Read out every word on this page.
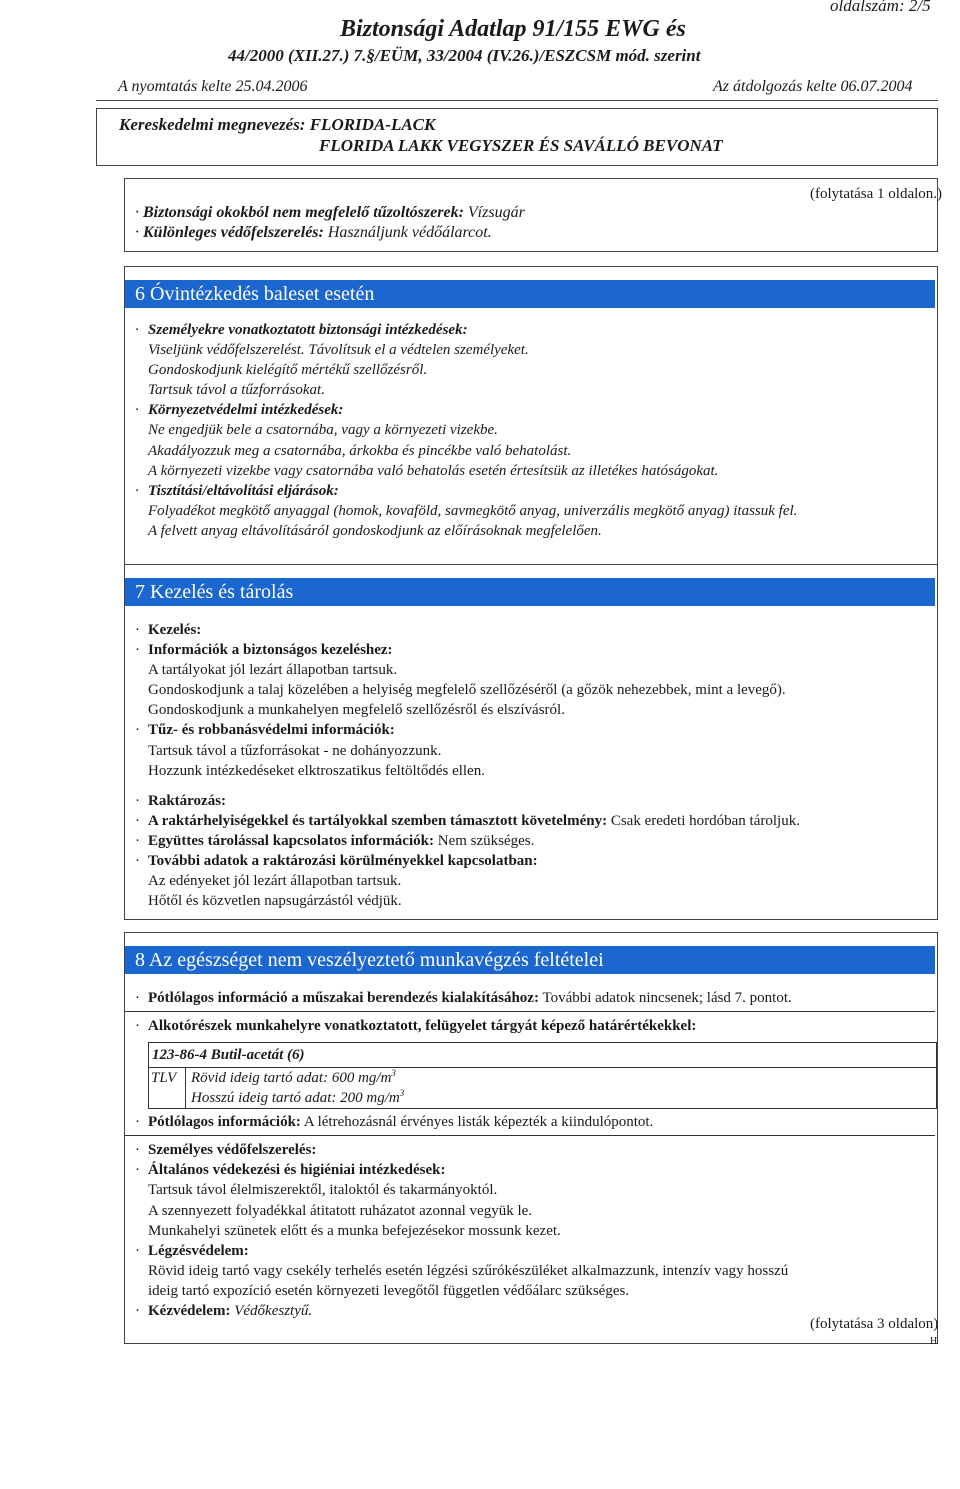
oldalszám: 2/5
Biztonsági Adatlap 91/155 EWG és
44/2000 (XII.27.) 7.§/EÜM, 33/2004 (IV.26.)/ESZCSM mód. szerint
A nyomtatás kelte 25.04.2006	Az átdolgozás kelte 06.07.2004
Kereskedelmi megnevezés: FLORIDA-LACK
FLORIDA LAKK VEGYSZER ÉS SAVÁLLÓ BEVONAT
(folytatása 1 oldalon.)
· Biztonsági okokból nem megfelelő tűzoltószerek: Vízsugár
· Különleges védőfelszerelés: Használjunk védőálarcot.
6 Óvintézkedés baleset esetén
· Személyekre vonatkoztatott biztonsági intézkedések:
Viseljünk védőfelszerelést. Távolítsuk el a védtelen személyeket.
Gondoskodjunk kielégítő mértékű szellőzésről.
Tartsuk távol a tűzforrásokat.
· Környezetvédelmi intézkedések:
Ne engedjük bele a csatornába, vagy a környezeti vizekbe.
Akadályozzuk meg a csatornába, árkokba és pincékbe való behatolást.
A környezeti vizekbe vagy csatornába való behatolás esetén értesítsük az illetékes hatóságokat.
· Tisztítási/eltávolítási eljárások:
Folyadékot megkötő anyaggal (homok, kovaföld, savmegkötő anyag, univerzális megkötő anyag) itassuk fel.
A felvett anyag eltávolításáról gondoskodjunk az előírásoknak megfelelően.
7 Kezelés és tárolás
· Kezelés:
· Információk a biztonságos kezeléshez:
A tartályokat jól lezárt állapotban tartsuk.
Gondoskodjunk a talaj közelében a helyiség megfelelő szellőzéséről (a gőzök nehezebbek, mint a levegő).
Gondoskodjunk a munkahelyen megfelelő szellőzésről és elszívásról.
· Tűz- és robbanásvédelmi információk:
Tartsuk távol a tűzforrásokat - ne dohányozzunk.
Hozzunk intézkedéseket elktroszatikus feltöltődés ellen.
· Raktározás:
· A raktárhelyiségekkel és tartályokkal szemben támasztott követelmény: Csak eredeti hordóban tároljuk.
· Együttes tárolással kapcsolatos információk: Nem szükséges.
· További adatok a raktározási körülményekkel kapcsolatban:
Az edényeket jól lezárt állapotban tartsuk.
Hőtől és közvetlen napsugárzástól védjük.
8 Az egészséget nem veszélyeztető munkavégzés feltételei
· Pótlólagos információ a műszakai berendezés kialakításához: További adatok nincsenek; lásd 7. pontot.
· Alkotórészek munkahelyre vonatkoztatott, felügyelet tárgyát képező határértékekkel:
123-86-4 Butil-acetát (6)
TLV Rövid ideig tartó adat: 600 $mg/m^3$
Hosszú ideig tartó adat: 200 $mg/m^3$
· Pótlólagos információk: A létrehozásnál érvényes listák képezték a kiindulópontot.
· Személyes védőfelszerelés:
· Általános védekezési és higiéniai intézkedések:
Tartsuk távol élelmiszerektől, italoktól és takarmányoktól.
A szennyezett folyadékkal átitatott ruházatot azonnal vegyük le.
Munkahelyi szünetek előtt és a munka befejezésekor mossunk kezet.
· Légzésvédelem:
Rövid ideig tartó vagy csekély terhelés esetén légzési szűrókészüléket alkalmazzunk, intenzív vagy hosszú
ideig tartó expozíció esetén környezeti levegőtől független védőálarc szükséges.
· Kézvédelem: Védőkesztyű.
(folytatása 3 oldalon)
H
